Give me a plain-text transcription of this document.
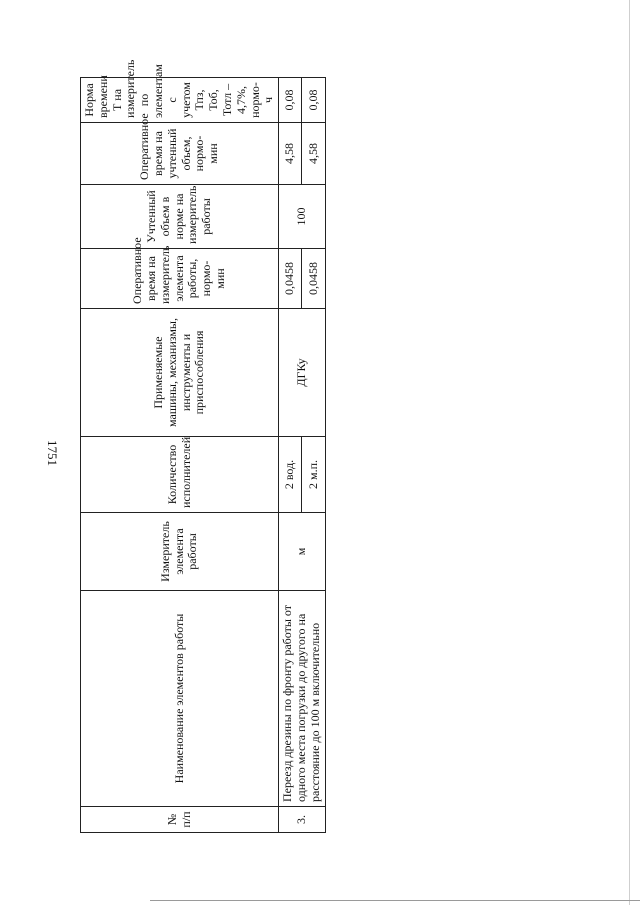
1751
№ п/п	Наименование элементов работы	Измеритель элемента работы	Количество исполнителей	Применяемые машины, механизмы, инструменты и приспособления	Оперативное время на измеритель элемента работы, нормо-мин	Учтенный объем в норме на измеритель работы	Оперативное время на учтенный объем, нормо-мин	Норма времени Т на измеритель по элементам с учетом Тпз, Тоб, Тотл – 4,7%, нормо-ч
3.	Переезд дрезины по фронту работы от одного места погрузки до другого на расстояние до 100 м включительно	м	2 вод.	ДГКу	0,0458	100	4,58	0,08
			2 м.п.		0,0458		4,58	0,08
